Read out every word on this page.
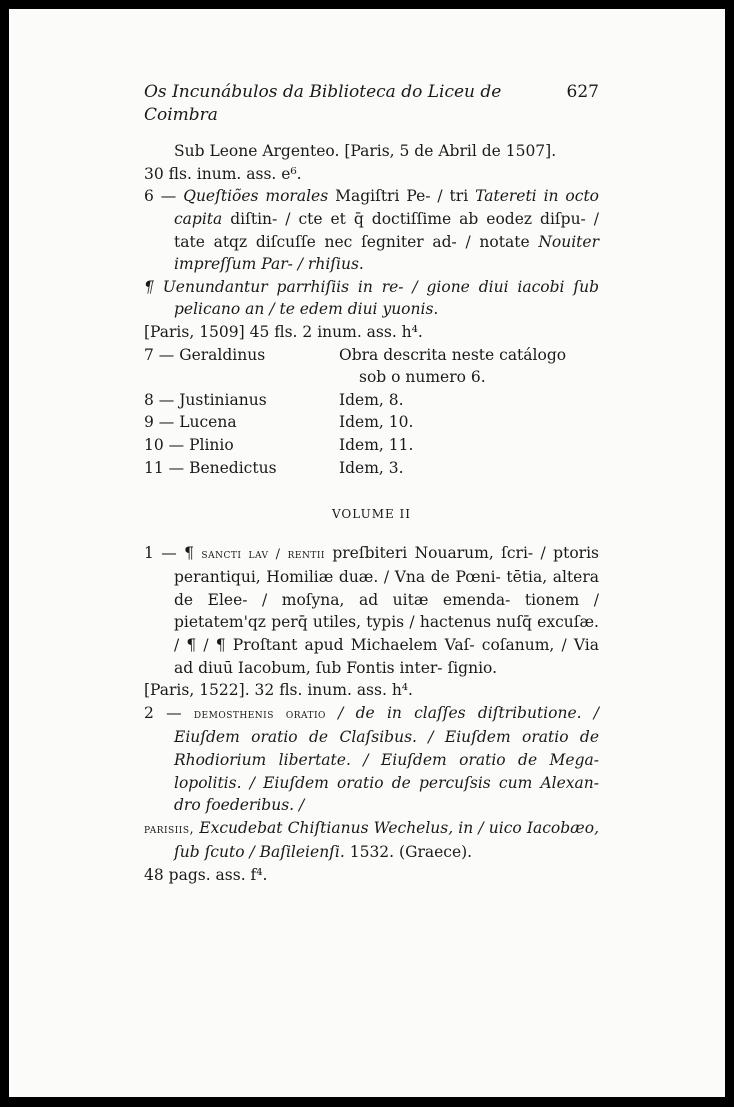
Os Incunábulos da Biblioteca do Liceu de Coimbra
627

Sub Leone Argenteo. [Paris, 5 de Abril de 1507].

30 fls. inum. ass. e⁶.

6 — Queſtiões morales Magiſtri Pe- / tri Tatereti in octo capita diſtin- / cte et q̄ doctiſſime ab eodez diſpu- / tate atqz diſcuſſe nec ſegniter ad- / notate Nouiter impreſſum Par- / rhiſius.

¶ Uenundantur parrhiſiis in re- / gione diui iacobi ſub pelicano an / te edem diui yuonis.

[Paris, 1509] 45 fls. 2 inum. ass. h⁴.

7 — Geraldinus	Obra descrita neste catálogo
sob o numero 6.
8 — Justinianus	Idem, 8.
9 — Lucena	Idem, 10.
10 — Plinio	Idem, 11.
11 — Benedictus	Idem, 3.
VOLUME II

1 — ¶ sancti lav / rentii preſbiteri Nouarum, ſcri- / ptoris perantiqui, Homiliæ duæ. / Vna de Pœni- tētia, altera de Elee- / moſyna, ad uitæ emenda- tionem / pietatem'qz perq̄ utiles, typis / hactenus nuſq̄ excuſæ. / ¶ / ¶ Proſtant apud Michaelem Vaſ- coſanum, / Via ad diuū Iacobum, ſub Fontis inter- ſignio.

[Paris, 1522]. 32 fls. inum. ass. h⁴.

2 — demosthenis oratio / de in claſſes diſtributione. / Eiuſdem oratio de Claſsibus. / Eiuſdem oratio de Rhodiorium libertate. / Eiuſdem oratio de Mega- lopolitis. / Eiuſdem oratio de percuſsis cum Alexan- dro foederibus. /

parisiis, Excudebat Chiſtianus Wechelus, in / uico Iacobæo, ſub ſcuto / Baſileienſi. 1532. (Graece).

48 pags. ass. f⁴.
